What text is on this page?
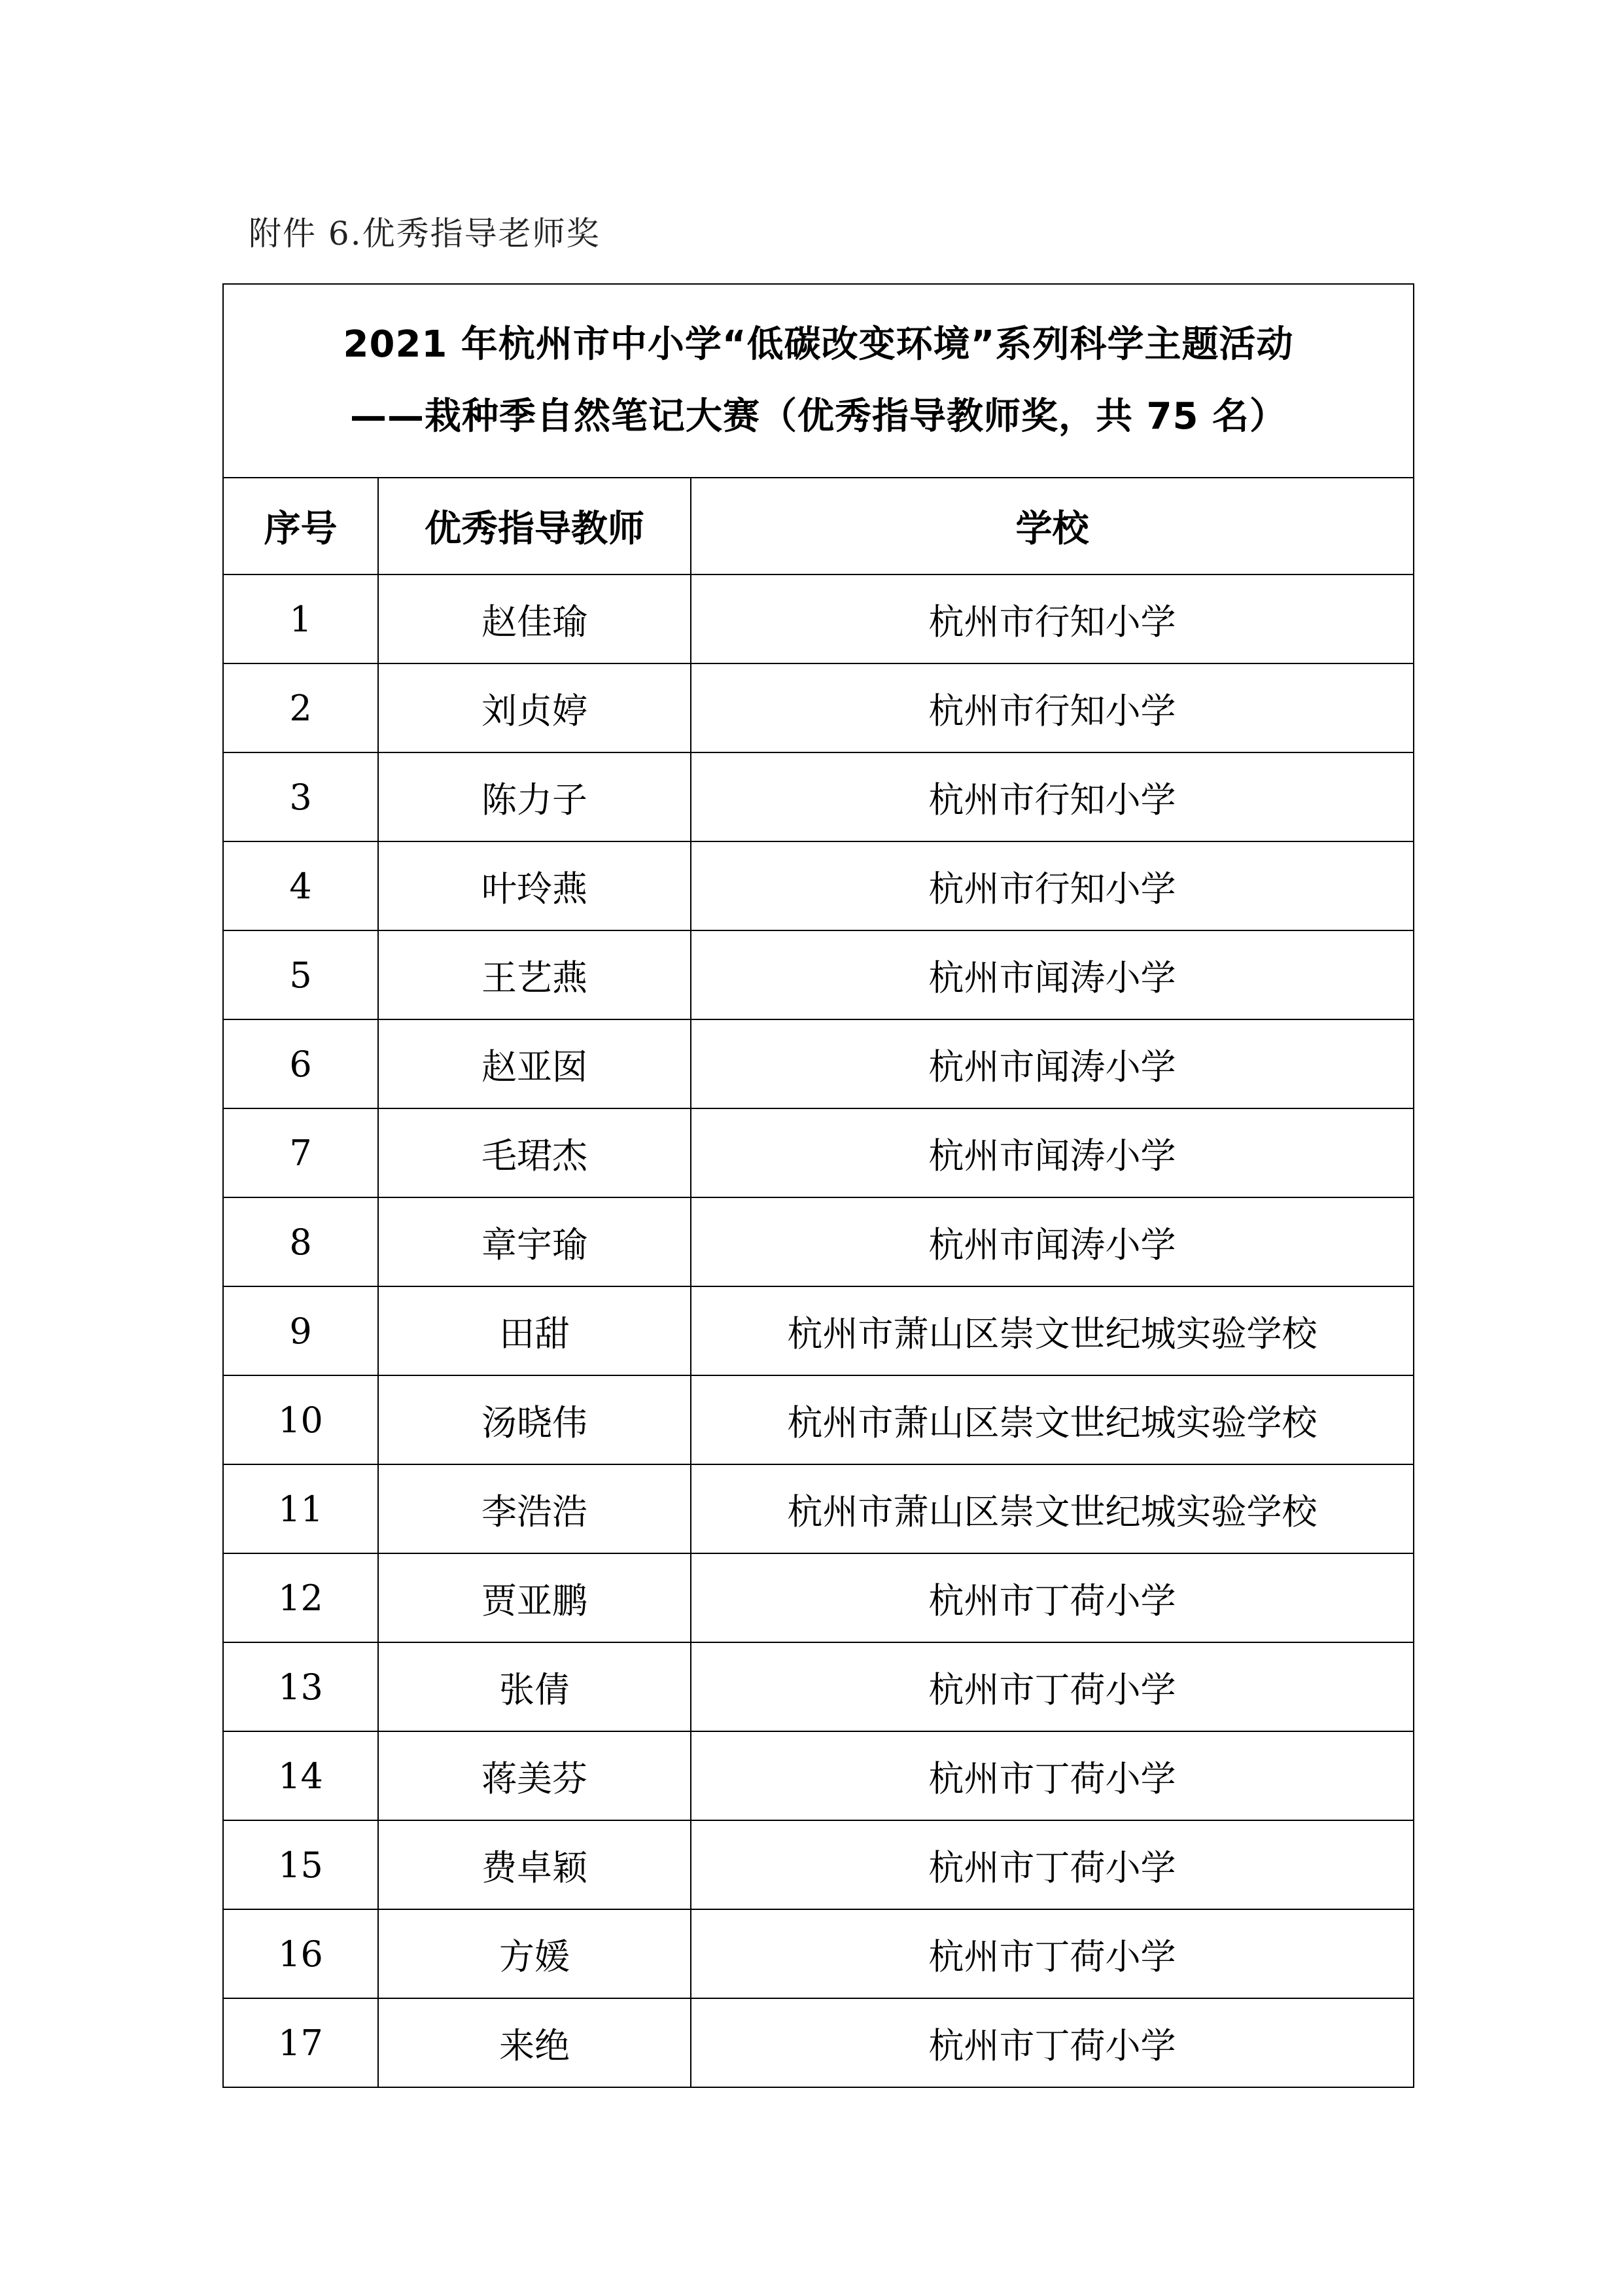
附件 6.优秀指导老师奖
2021 年杭州市中小学“低碳改变环境”系列科学主题活动
——栽种季自然笔记大赛（优秀指导教师奖，共 75 名）		

序号	优秀指导教师	学校
1	赵佳瑜	杭州市行知小学
2	刘贞婷	杭州市行知小学
3	陈力子	杭州市行知小学
4	叶玲燕	杭州市行知小学
5	王艺燕	杭州市闻涛小学
6	赵亚囡	杭州市闻涛小学
7	毛珺杰	杭州市闻涛小学
8	章宇瑜	杭州市闻涛小学
9	田甜	杭州市萧山区崇文世纪城实验学校
10	汤晓伟	杭州市萧山区崇文世纪城实验学校
11	李浩浩	杭州市萧山区崇文世纪城实验学校
12	贾亚鹏	杭州市丁荷小学
13	张倩	杭州市丁荷小学
14	蒋美芬	杭州市丁荷小学
15	费卓颖	杭州市丁荷小学
16	方媛	杭州市丁荷小学
17	来绝	杭州市丁荷小学
